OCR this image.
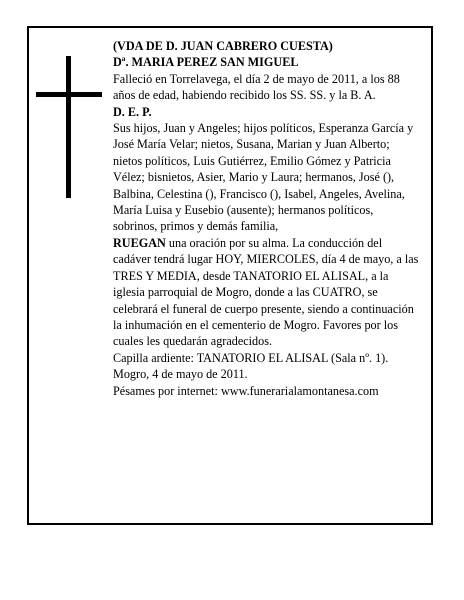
(VDA DE D. JUAN CABRERO CUESTA)

Dª. MARIA PEREZ SAN MIGUEL

Falleció en Torrelavega, el día 2 de mayo de 2011, a los 88 años de edad, habiendo recibido los SS. SS. y la B. A.

D. E. P.

Sus hijos, Juan y Angeles; hijos políticos, Esperanza García y José María Velar; nietos, Susana, Marian y Juan Alberto; nietos políticos, Luis Gutiérrez, Emilio Gómez y Patricia Vélez; bisnietos, Asier, Mario y Laura; hermanos, José (), Balbina, Celestina (), Francisco (), Isabel, Angeles, Avelina, María Luisa y Eusebio (ausente); hermanos políticos, sobrinos, primos y demás familia,

RUEGAN una oración por su alma. La conducción del cadáver tendrá lugar HOY, MIERCOLES, día 4 de mayo, a las TRES Y MEDIA, desde TANATORIO EL ALISAL, a la iglesia parroquial de Mogro, donde a las CUATRO, se celebrará el funeral de cuerpo presente, siendo a continuación la inhumación en el cementerio de Mogro. Favores por los cuales les quedarán agradecidos.

Capilla ardiente: TANATORIO EL ALISAL (Sala nº. 1).

Mogro, 4 de mayo de 2011.

Pésames por internet: www.funerarialamontanesa.com
